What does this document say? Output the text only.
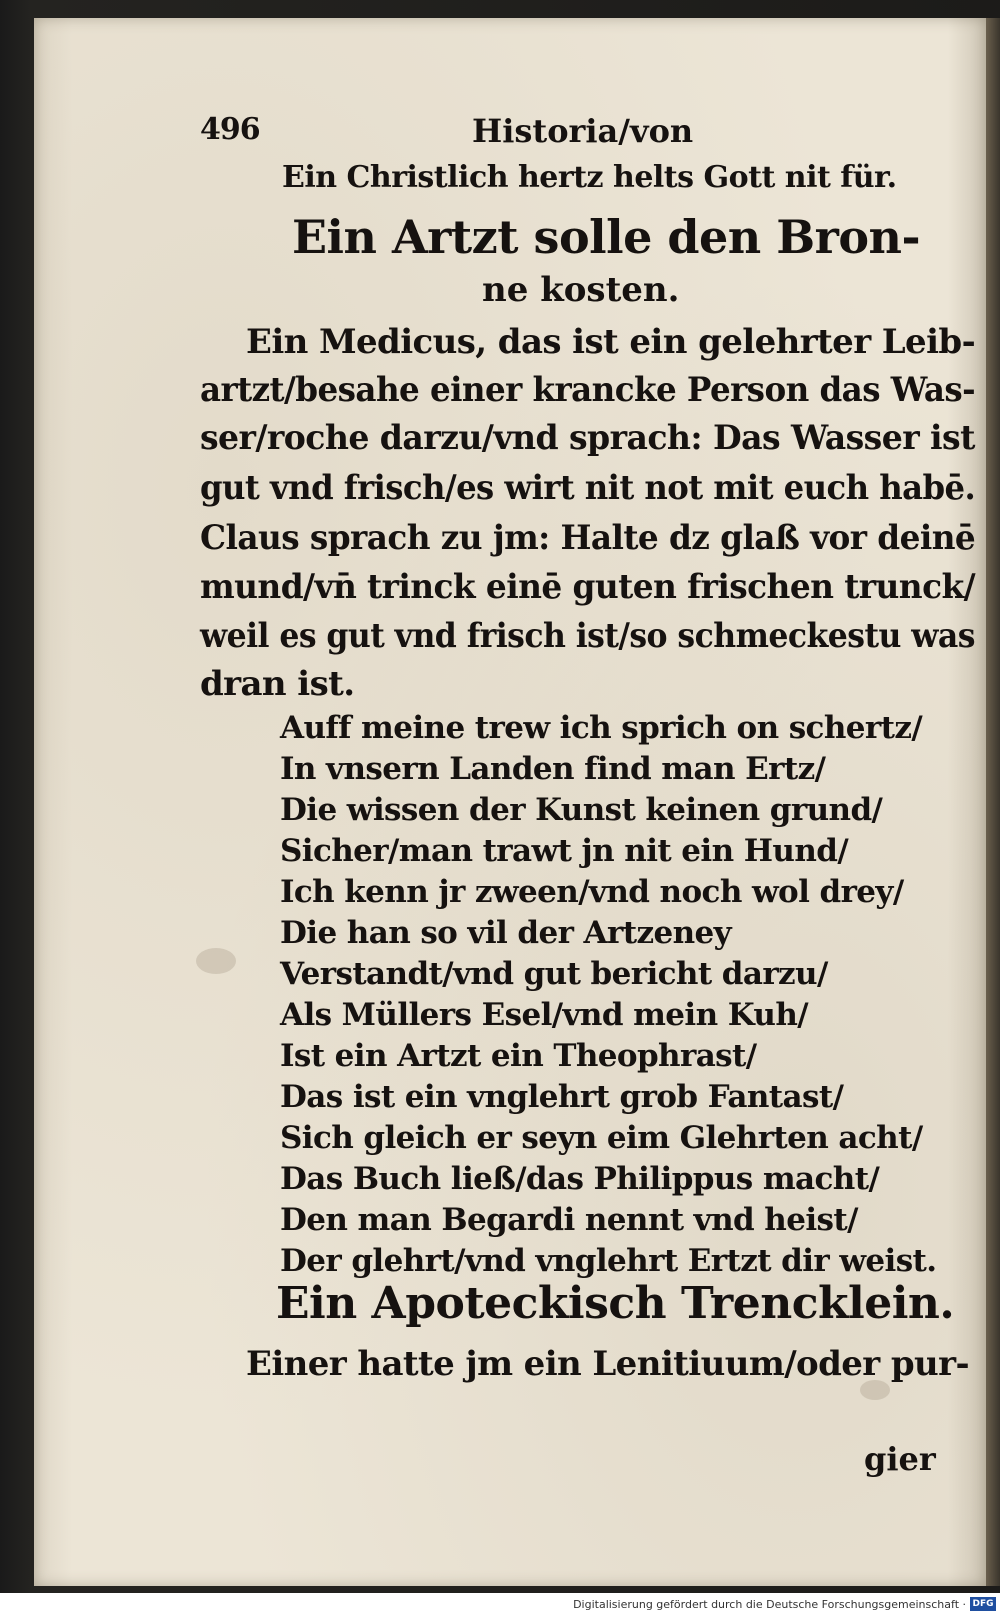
496	Historia/von
Ein Christlich hertz helts Gott nit für.
Ein Artzt solle den Bron-
ne kosten.
Ein Medicus, das ist ein gelehrter Leib-
artzt/besahe einer krancke Person das Was-
ser/roche darzu/vnd sprach: Das Wasser ist
gut vnd frisch/es wirt nit not mit euch habē.
Claus sprach zu jm: Halte dz glaß vor deinē
mund/vn̄ trinck einē guten frischen trunck/
weil es gut vnd frisch ist/so schmeckestu was
dran ist.
Auff meine trew ich sprich on schertz/
In vnsern Landen find man Ertz/
Die wissen der Kunst keinen grund/
Sicher/man trawt jn nit ein Hund/
Ich kenn jr zween/vnd noch wol drey/
Die han so vil der Artzeney
Verstandt/vnd gut bericht darzu/
Als Müllers Esel/vnd mein Kuh/
Ist ein Artzt ein Theophrast/
Das ist ein vnglehrt grob Fantast/
Sich gleich er seyn eim Glehrten acht/
Das Buch ließ/das Philippus macht/
Den man Begardi nennt vnd heist/
Der glehrt/vnd vnglehrt Ertzt dir weist.
Ein Apoteckisch Trencklein.
Einer hatte jm ein Lenitiuum/oder pur-
gier
Digitalisierung gefördert durch die Deutsche Forschungsgemeinschaft · DFG
